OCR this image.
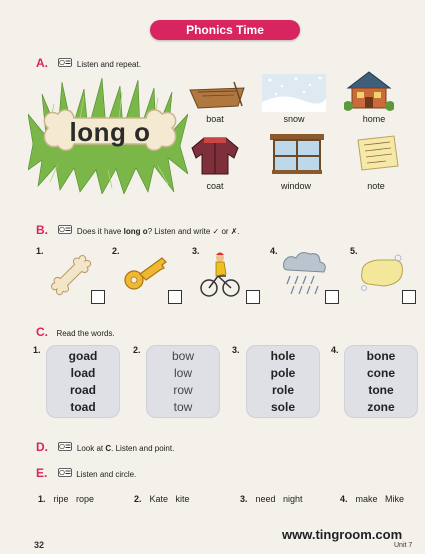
Phonics Time
A.	Listen and repeat.
long o	boat	snow	home
coat	window	note
B.	Does it have long o? Listen and write ✓ or ✗.
1.	2.	3.	4.	5.
C. Read the words.
1. goad
load
road
toad
2.	bow
low
row
tow
3.	hole
pole
role
sole
4. bone
cone
tone
zone
D.	Look at C. Listen and point.
E.	Listen and circle.
1. ripe   rope	2. Kate   kite	3. need   night	4. make   Mike
www.tingroom.com
32	Unit 7
